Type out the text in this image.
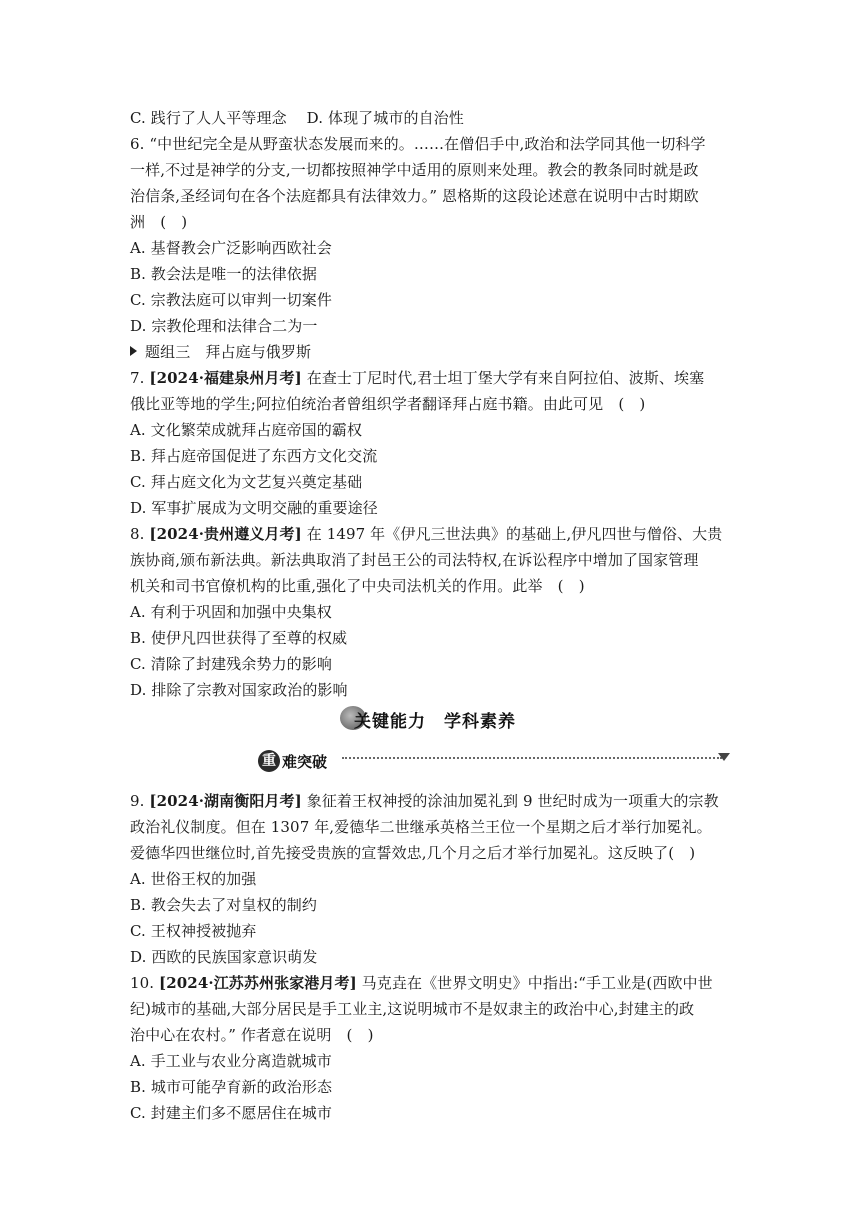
C. 践行了人人平等理念　 D. 体现了城市的自治性
6. “中世纪完全是从野蛮状态发展而来的。……在僧侣手中,政治和法学同其他一切科学
一样,不过是神学的分支,一切都按照神学中适用的原则来处理。教会的教条同时就是政
治信条,圣经词句在各个法庭都具有法律效力。” 恩格斯的这段论述意在说明中古时期欧
洲　(　)
A. 基督教会广泛影响西欧社会
B. 教会法是唯一的法律依据
C. 宗教法庭可以审判一切案件
D. 宗教伦理和法律合二为一
题组三　拜占庭与俄罗斯
7. [2024·福建泉州月考] 在查士丁尼时代,君士坦丁堡大学有来自阿拉伯、波斯、埃塞
俄比亚等地的学生;阿拉伯统治者曾组织学者翻译拜占庭书籍。由此可见　(　)
A. 文化繁荣成就拜占庭帝国的霸权
B. 拜占庭帝国促进了东西方文化交流
C. 拜占庭文化为文艺复兴奠定基础
D. 军事扩展成为文明交融的重要途径
8. [2024·贵州遵义月考] 在 1497 年《伊凡三世法典》的基础上,伊凡四世与僧俗、大贵
族协商,颁布新法典。新法典取消了封邑王公的司法特权,在诉讼程序中增加了国家管理
机关和司书官僚机构的比重,强化了中央司法机关的作用。此举　(　)
A. 有利于巩固和加强中央集权
B. 使伊凡四世获得了至尊的权威
C. 清除了封建残余势力的影响
D. 排除了宗教对国家政治的影响
9. [2024·湖南衡阳月考] 象征着王权神授的涂油加冕礼到 9 世纪时成为一项重大的宗教
政治礼仪制度。但在 1307 年,爱德华二世继承英格兰王位一个星期之后才举行加冕礼。
爱德华四世继位时,首先接受贵族的宣誓效忠,几个月之后才举行加冕礼。这反映了(　)
A. 世俗王权的加强
B. 教会失去了对皇权的制约
C. 王权神授被抛弃
D. 西欧的民族国家意识萌发
10. [2024·江苏苏州张家港月考] 马克垚在《世界文明史》中指出:“手工业是(西欧中世
纪)城市的基础,大部分居民是手工业主,这说明城市不是奴隶主的政治中心,封建主的政
治中心在农村。” 作者意在说明　(　)
A. 手工业与农业分离造就城市
B. 城市可能孕育新的政治形态
C. 封建主们多不愿居住在城市
关键能力　学科素养
重 难突破
